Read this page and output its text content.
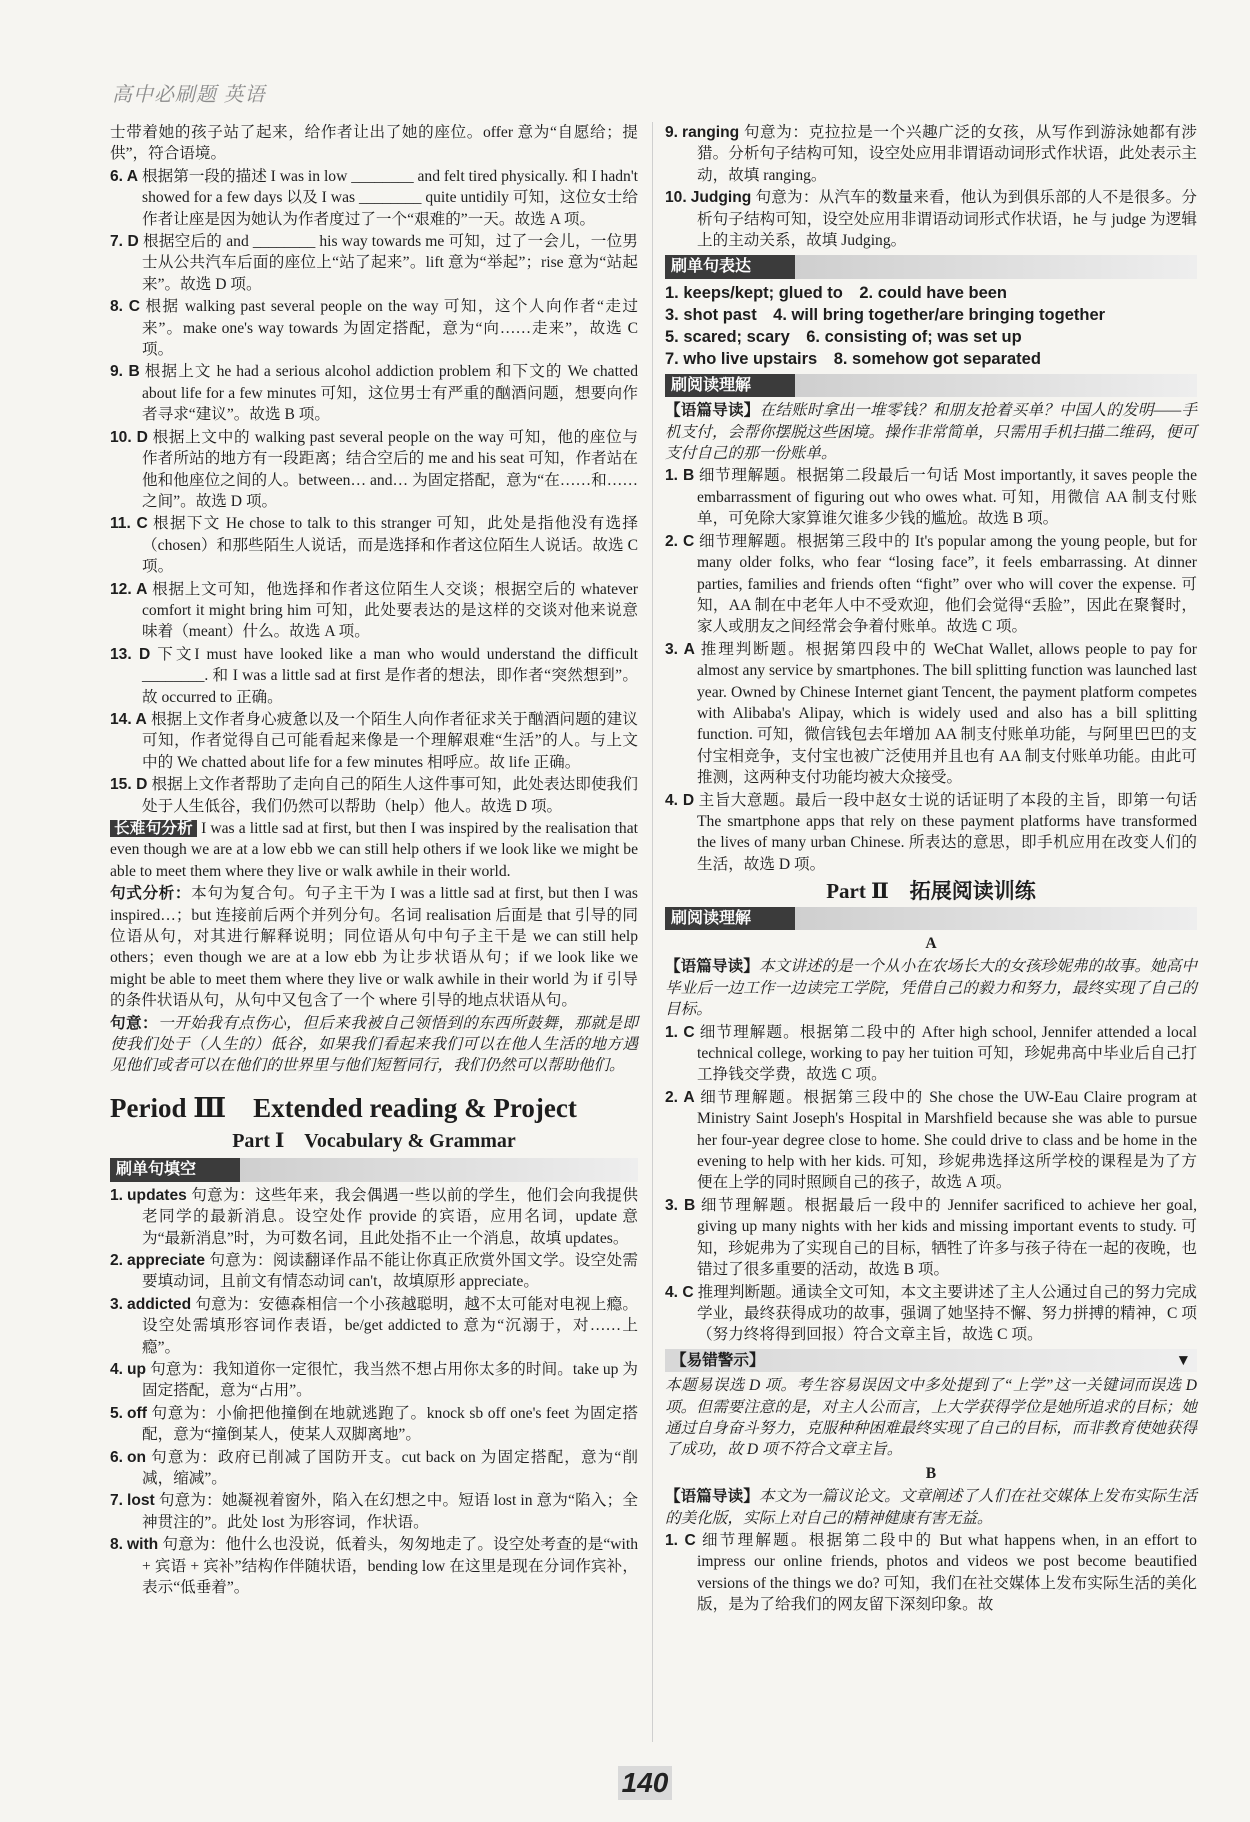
高中必刷题 英语

士带着她的孩子站了起来，给作者让出了她的座位。offer 意为“自愿给；提供”，符合语境。

6. A 根据第一段的描述 I was in low ________ and felt tired physically. 和 I hadn't showed for a few days 以及 I was ________ quite untidily 可知，这位女士给作者让座是因为她认为作者度过了一个“艰难的”一天。故选 A 项。

7. D 根据空后的 and ________ his way towards me 可知，过了一会儿，一位男士从公共汽车后面的座位上“站了起来”。lift 意为“举起”；rise 意为“站起来”。故选 D 项。

8. C 根据 walking past several people on the way 可知，这个人向作者“走过来”。make one's way towards 为固定搭配，意为“向……走来”，故选 C 项。

9. B 根据上文 he had a serious alcohol addiction problem 和下文的 We chatted about life for a few minutes 可知，这位男士有严重的酗酒问题，想要向作者寻求“建议”。故选 B 项。

10. D 根据上文中的 walking past several people on the way 可知，他的座位与作者所站的地方有一段距离；结合空后的 me and his seat 可知，作者站在他和他座位之间的人。between… and… 为固定搭配，意为“在……和……之间”。故选 D 项。

11. C 根据下文 He chose to talk to this stranger 可知，此处是指他没有选择（chosen）和那些陌生人说话，而是选择和作者这位陌生人说话。故选 C 项。

12. A 根据上文可知，他选择和作者这位陌生人交谈；根据空后的 whatever comfort it might bring him 可知，此处要表达的是这样的交谈对他来说意味着（meant）什么。故选 A 项。

13. D 下文I must have looked like a man who would understand the difficult ________. 和 I was a little sad at first 是作者的想法，即作者“突然想到”。故 occurred to 正确。

14. A 根据上文作者身心疲惫以及一个陌生人向作者征求关于酗酒问题的建议可知，作者觉得自己可能看起来像是一个理解艰难“生活”的人。与上文中的 We chatted about life for a few minutes 相呼应。故 life 正确。

15. D 根据上文作者帮助了走向自己的陌生人这件事可知，此处表达即使我们处于人生低谷，我们仍然可以帮助（help）他人。故选 D 项。

长难句分析 I was a little sad at first, but then I was inspired by the realisation that even though we are at a low ebb we can still help others if we look like we might be able to meet them where they live or walk awhile in their world.

句式分析：本句为复合句。句子主干为 I was a little sad at first, but then I was inspired…；but 连接前后两个并列分句。名词 realisation 后面是 that 引导的同位语从句，对其进行解释说明；同位语从句中句子主干是 we can still help others；even though we are at a low ebb 为让步状语从句；if we look like we might be able to meet them where they live or walk awhile in their world 为 if 引导的条件状语从句，从句中又包含了一个 where 引导的地点状语从句。

句意：一开始我有点伤心，但后来我被自己领悟到的东西所鼓舞，那就是即使我们处于（人生的）低谷，如果我们看起来我们可以在他人生活的地方遇见他们或者可以在他们的世界里与他们短暂同行，我们仍然可以帮助他们。

Period Ⅲ　Extended reading & Project
Part Ⅰ　Vocabulary & Grammar
刷单句填空

1. updates 句意为：这些年来，我会偶遇一些以前的学生，他们会向我提供老同学的最新消息。设空处作 provide 的宾语，应用名词，update 意为“最新消息”时，为可数名词，且此处指不止一个消息，故填 updates。

2. appreciate 句意为：阅读翻译作品不能让你真正欣赏外国文学。设空处需要填动词，且前文有情态动词 can't，故填原形 appreciate。

3. addicted 句意为：安德森相信一个小孩越聪明，越不太可能对电视上瘾。设空处需填形容词作表语，be/get addicted to 意为“沉溺于，对……上瘾”。

4. up 句意为：我知道你一定很忙，我当然不想占用你太多的时间。take up 为固定搭配，意为“占用”。

5. off 句意为：小偷把他撞倒在地就逃跑了。knock sb off one's feet 为固定搭配，意为“撞倒某人，使某人双脚离地”。

6. on 句意为：政府已削减了国防开支。cut back on 为固定搭配，意为“削减，缩减”。

7. lost 句意为：她凝视着窗外，陷入在幻想之中。短语 lost in 意为“陷入；全神贯注的”。此处 lost 为形容词，作状语。

8. with 句意为：他什么也没说，低着头，匆匆地走了。设空处考查的是“with + 宾语 + 宾补”结构作伴随状语，bending low 在这里是现在分词作宾补，表示“低垂着”。

9. ranging 句意为：克拉拉是一个兴趣广泛的女孩，从写作到游泳她都有涉猎。分析句子结构可知，设空处应用非谓语动词形式作状语，此处表示主动，故填 ranging。

10. Judging 句意为：从汽车的数量来看，他认为到俱乐部的人不是很多。分析句子结构可知，设空处应用非谓语动词形式作状语，he 与 judge 为逻辑上的主动关系，故填 Judging。

刷单句表达
1. keeps/kept; glued to　2. could have been
3. shot past　4. will bring together/are bringing together
5. scared; scary　6. consisting of; was set up
7. who live upstairs　8. somehow got separated
刷阅读理解

【语篇导读】在结账时拿出一堆零钱？和朋友抢着买单？中国人的发明——手机支付，会帮你摆脱这些困境。操作非常简单，只需用手机扫描二维码，便可支付自己的那一份账单。

1. B 细节理解题。根据第二段最后一句话 Most importantly, it saves people the embarrassment of figuring out who owes what. 可知，用微信 AA 制支付账单，可免除大家算谁欠谁多少钱的尴尬。故选 B 项。

2. C 细节理解题。根据第三段中的 It's popular among the young people, but for many older folks, who fear “losing face”, it feels embarrassing. At dinner parties, families and friends often “fight” over who will cover the expense. 可知，AA 制在中老年人中不受欢迎，他们会觉得“丢脸”，因此在聚餐时，家人或朋友之间经常会争着付账单。故选 C 项。

3. A 推理判断题。根据第四段中的 WeChat Wallet, allows people to pay for almost any service by smartphones. The bill splitting function was launched last year. Owned by Chinese Internet giant Tencent, the payment platform competes with Alibaba's Alipay, which is widely used and also has a bill splitting function. 可知，微信钱包去年增加 AA 制支付账单功能，与阿里巴巴的支付宝相竞争，支付宝也被广泛使用并且也有 AA 制支付账单功能。由此可推测，这两种支付功能均被大众接受。

4. D 主旨大意题。最后一段中赵女士说的话证明了本段的主旨，即第一句话 The smartphone apps that rely on these payment platforms have transformed the lives of many urban Chinese. 所表达的意思，即手机应用在改变人们的生活，故选 D 项。

Part Ⅱ　拓展阅读训练
刷阅读理解
A

【语篇导读】本文讲述的是一个从小在农场长大的女孩珍妮弗的故事。她高中毕业后一边工作一边读完工学院，凭借自己的毅力和努力，最终实现了自己的目标。

1. C 细节理解题。根据第二段中的 After high school, Jennifer attended a local technical college, working to pay her tuition 可知，珍妮弗高中毕业后自己打工挣钱交学费，故选 C 项。

2. A 细节理解题。根据第三段中的 She chose the UW-Eau Claire program at Ministry Saint Joseph's Hospital in Marshfield because she was able to pursue her four-year degree close to home. She could drive to class and be home in the evening to help with her kids. 可知，珍妮弗选择这所学校的课程是为了方便在上学的同时照顾自己的孩子，故选 A 项。

3. B 细节理解题。根据最后一段中的 Jennifer sacrificed to achieve her goal, giving up many nights with her kids and missing important events to study. 可知，珍妮弗为了实现自己的目标，牺牲了许多与孩子待在一起的夜晚，也错过了很多重要的活动，故选 B 项。

4. C 推理判断题。通读全文可知，本文主要讲述了主人公通过自己的努力完成学业，最终获得成功的故事，强调了她坚持不懈、努力拼搏的精神，C 项（努力终将得到回报）符合文章主旨，故选 C 项。

【易错警示】	▼

本题易误选 D 项。考生容易误因文中多处提到了“上学”这一关键词而误选 D 项。但需要注意的是，对主人公而言，上大学获得学位是她所追求的目标；她通过自身奋斗努力，克服种种困难最终实现了自己的目标，而非教育使她获得了成功，故 D 项不符合文章主旨。

B

【语篇导读】本文为一篇议论文。文章阐述了人们在社交媒体上发布实际生活的美化版，实际上对自己的精神健康有害无益。

1. C 细节理解题。根据第二段中的 But what happens when, in an effort to impress our online friends, photos and videos we post become beautified versions of the things we do? 可知，我们在社交媒体上发布实际生活的美化版，是为了给我们的网友留下深刻印象。故

140
